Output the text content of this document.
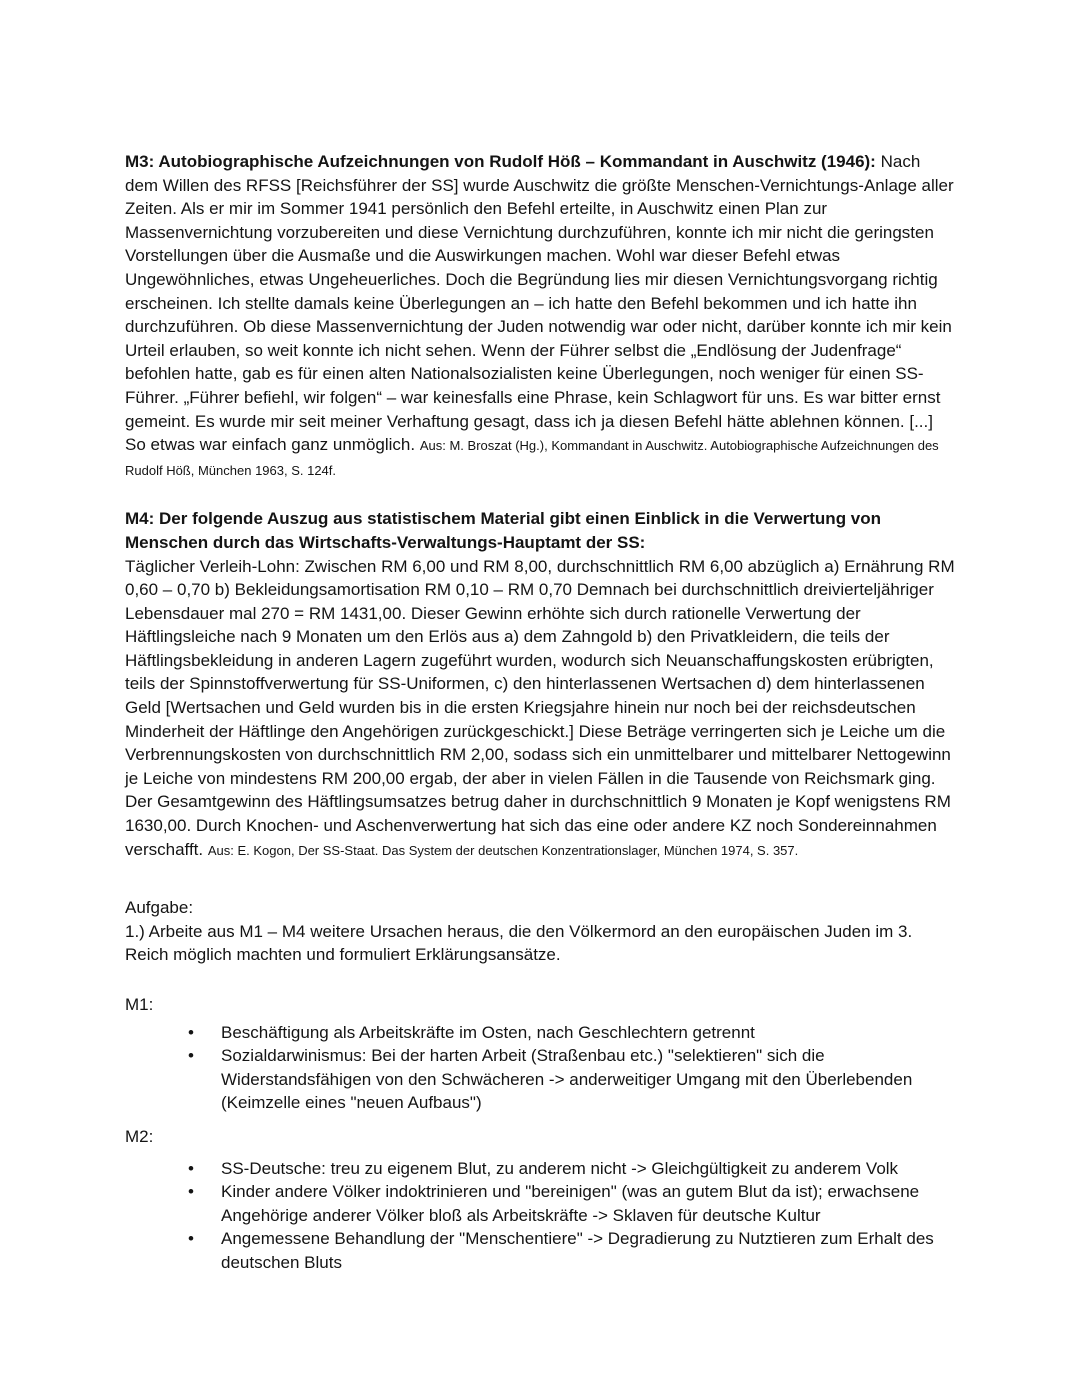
M3: Autobiographische Aufzeichnungen von Rudolf Höß – Kommandant in Auschwitz (1946): Nach dem Willen des RFSS [Reichsführer der SS] wurde Auschwitz die größte Menschen-Vernichtungs-Anlage aller Zeiten. Als er mir im Sommer 1941 persönlich den Befehl erteilte, in Auschwitz einen Plan zur Massenvernichtung vorzubereiten und diese Vernichtung durchzuführen, konnte ich mir nicht die geringsten Vorstellungen über die Ausmaße und die Auswirkungen machen. Wohl war dieser Befehl etwas Ungewöhnliches, etwas Ungeheuerliches. Doch die Begründung lies mir diesen Vernichtungsvorgang richtig erscheinen. Ich stellte damals keine Überlegungen an – ich hatte den Befehl bekommen und ich hatte ihn durchzuführen. Ob diese Massenvernichtung der Juden notwendig war oder nicht, darüber konnte ich mir kein Urteil erlauben, so weit konnte ich nicht sehen. Wenn der Führer selbst die „Endlösung der Judenfrage“ befohlen hatte, gab es für einen alten Nationalsozialisten keine Überlegungen, noch weniger für einen SS-Führer. „Führer befiehl, wir folgen“ – war keinesfalls eine Phrase, kein Schlagwort für uns. Es war bitter ernst gemeint. Es wurde mir seit meiner Verhaftung gesagt, dass ich ja diesen Befehl hätte ablehnen können. [...] So etwas war einfach ganz unmöglich. Aus: M. Broszat (Hg.), Kommandant in Auschwitz. Autobiographische Aufzeichnungen des Rudolf Höß, München 1963, S. 124f.

M4: Der folgende Auszug aus statistischem Material gibt einen Einblick in die Verwertung von Menschen durch das Wirtschafts-Verwaltungs-Hauptamt der SS:

Täglicher Verleih-Lohn: Zwischen RM 6,00 und RM 8,00, durchschnittlich RM 6,00 abzüglich a) Ernährung RM 0,60 – 0,70 b) Bekleidungsamortisation RM 0,10 – RM 0,70 Demnach bei durchschnittlich dreivierteljähriger Lebensdauer mal 270 = RM 1431,00. Dieser Gewinn erhöhte sich durch rationelle Verwertung der Häftlingsleiche nach 9 Monaten um den Erlös aus a) dem Zahngold b) den Privatkleidern, die teils der Häftlingsbekleidung in anderen Lagern zugeführt wurden, wodurch sich Neuanschaffungskosten erübrigten, teils der Spinnstoffverwertung für SS-Uniformen, c) den hinterlassenen Wertsachen d) dem hinterlassenen Geld [Wertsachen und Geld wurden bis in die ersten Kriegsjahre hinein nur noch bei der reichsdeutschen Minderheit der Häftlinge den Angehörigen zurückgeschickt.] Diese Beträge verringerten sich je Leiche um die Verbrennungskosten von durchschnittlich RM 2,00, sodass sich ein unmittelbarer und mittelbarer Nettogewinn je Leiche von mindestens RM 200,00 ergab, der aber in vielen Fällen in die Tausende von Reichsmark ging. Der Gesamtgewinn des Häftlingsumsatzes betrug daher in durchschnittlich 9 Monaten je Kopf wenigstens RM 1630,00. Durch Knochen- und Aschenverwertung hat sich das eine oder andere KZ noch Sondereinnahmen verschafft. Aus: E. Kogon, Der SS-Staat. Das System der deutschen Konzentrationslager, München 1974, S. 357.

Aufgabe:

1.) Arbeite aus M1 – M4 weitere Ursachen heraus, die den Völkermord an den europäischen Juden im 3. Reich möglich machten und formuliert Erklärungsansätze.

M1:

• Beschäftigung als Arbeitskräfte im Osten, nach Geschlechtern getrennt
• Sozialdarwinismus: Bei der harten Arbeit (Straßenbau etc.) "selektieren" sich die Widerstandsfähigen von den Schwächeren -> anderweitiger Umgang mit den Überlebenden (Keimzelle eines "neuen Aufbaus")

M2:

• SS-Deutsche: treu zu eigenem Blut, zu anderem nicht -> Gleichgültigkeit zu anderem Volk
• Kinder andere Völker indoktrinieren und "bereinigen" (was an gutem Blut da ist); erwachsene Angehörige anderer Völker bloß als Arbeitskräfte -> Sklaven für deutsche Kultur
• Angemessene Behandlung der "Menschentiere" -> Degradierung zu Nutztieren zum Erhalt des deutschen Bluts
